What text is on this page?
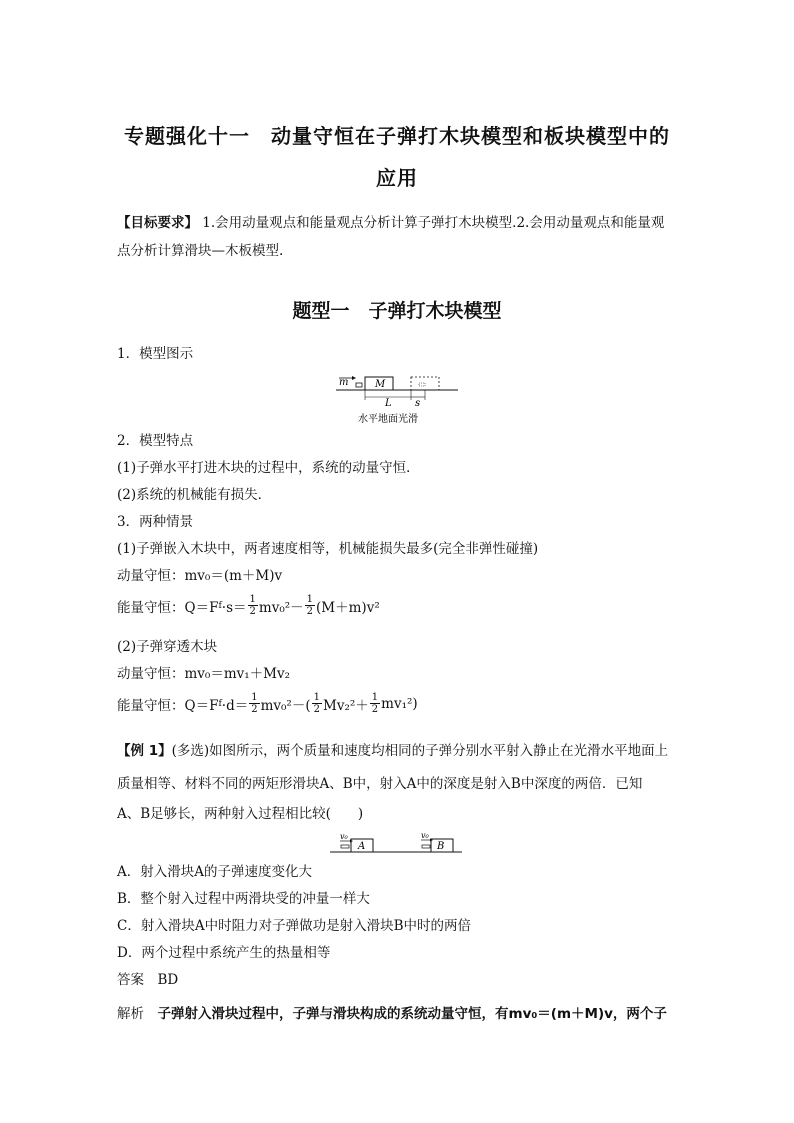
专题强化十一　动量守恒在子弹打木块模型和板块模型中的
应用
【目标要求】 1.会用动量观点和能量观点分析计算子弹打木块模型.2.会用动量观点和能量观
点分析计算滑块—木板模型.
题型一　子弹打木块模型
1．模型图示
m	M
L s
水平地面光滑
2．模型特点
(1)子弹水平打进木块的过程中，系统的动量守恒．
(2)系统的机械能有损失．
3．两种情景
(1)子弹嵌入木块中，两者速度相等，机械能损失最多(完全非弹性碰撞)
动量守恒：mv₀＝(m＋M)v
能量守恒：Q＝F $f \cdot s= \frac{1}{2} mv_0^2- \frac{1}{2} (M+m)v^2$
(2)子弹穿透木块
动量守恒：mv₀＝mv₁＋Mv₂
能量守恒：Q＝F $f \cdot d= \frac{1}{2} mv_0^2-( \frac{1}{2} Mv_2^2+ \frac{1}{2} mv_1^2)$
【例 1】(多选)如图所示，两个质量和速度均相同的子弹分别水平射入静止在光滑水平地面上
质量相等、材料不同的两矩形滑块A、B中，射入A中的深度是射入B中深度的两倍．已知
A、B足够长，两种射入过程相比较(　　)
v₀
A
v₀
B
A．射入滑块A的子弹速度变化大
B．整个射入过程中两滑块受的冲量一样大
C．射入滑块A中时阻力对子弹做功是射入滑块B中时的两倍
D．两个过程中系统产生的热量相等
答案　BD
解析　子弹射入滑块过程中，子弹与滑块构成的系统动量守恒，有mv₀＝(m＋M)v，两个子
